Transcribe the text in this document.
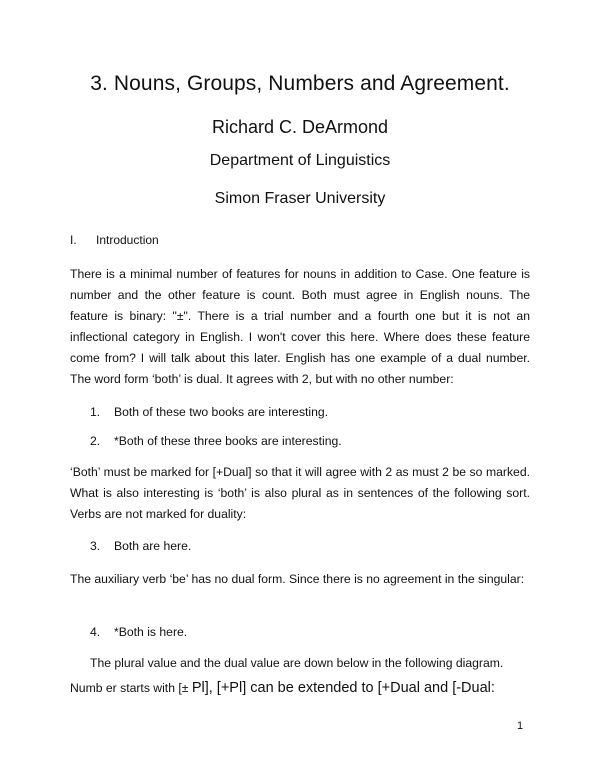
3. Nouns, Groups, Numbers and Agreement.
Richard C. DeArmond
Department of Linguistics
Simon Fraser University
I. Introduction
There is a minimal number of features for nouns in addition to Case. One feature is number and the other feature is count. Both must agree in English nouns. The feature is binary: "±". There is a trial number and a fourth one but it is not an inflectional category in English. I won't cover this here. Where does these feature come from? I will talk about this later. English has one example of a dual number. The word form ‘both’ is dual. It agrees with 2, but with no other number:
1. Both of these two books are interesting.
2. *Both of these three books are interesting.
‘Both’ must be marked for [+Dual] so that it will agree with 2 as must 2 be so marked. What is also interesting is ‘both’ is also plural as in sentences of the following sort. Verbs are not marked for duality:
3. Both are here.
The auxiliary verb ‘be’ has no dual form. Since there is no agreement in the singular:
4. *Both is here.
The plural value and the dual value are down below in the following diagram.
Numb er starts with [± Pl], [+Pl] can be extended to [+Dual and [-Dual:
1
